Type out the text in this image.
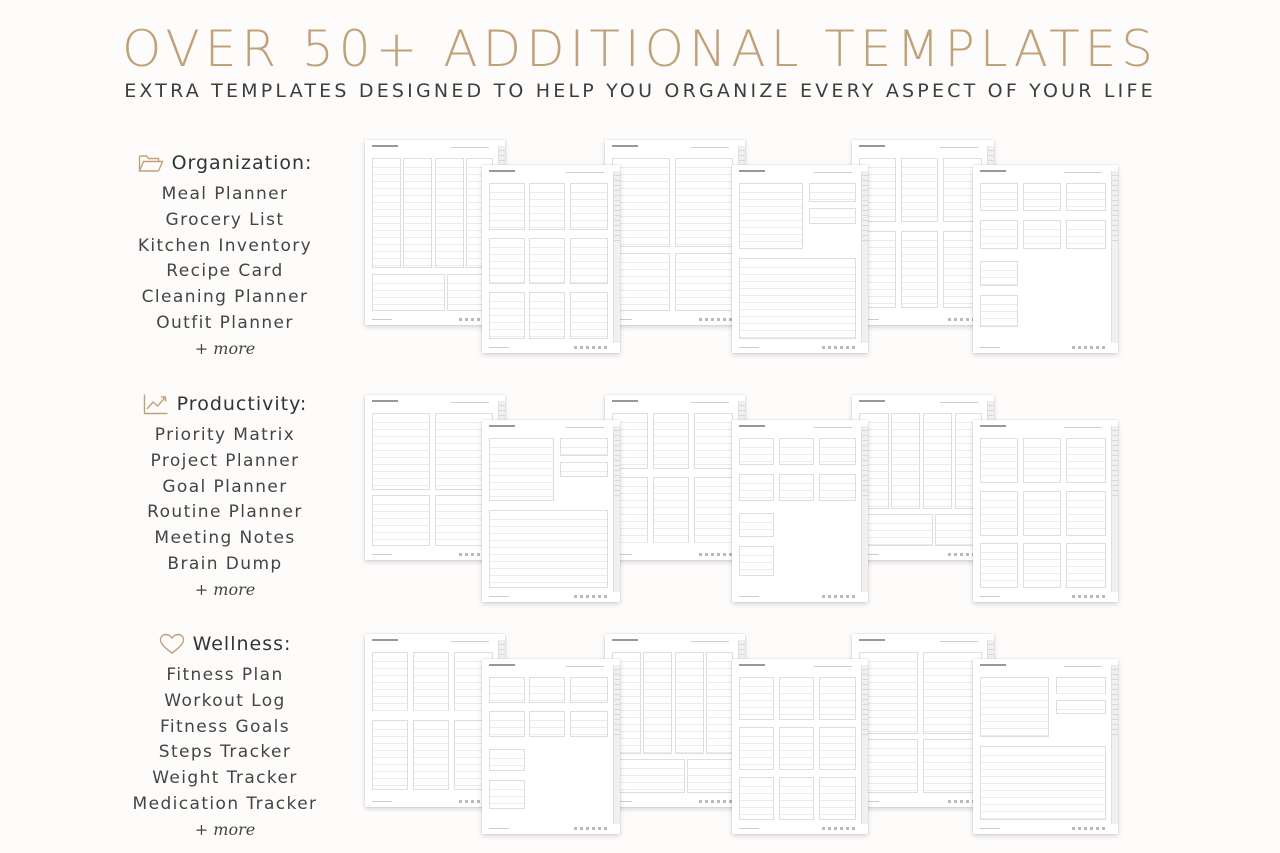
OVER 50+ ADDITIONAL TEMPLATES
EXTRA TEMPLATES DESIGNED TO HELP YOU ORGANIZE EVERY ASPECT OF YOUR LIFE
Organization:
Meal Planner
Grocery List
Kitchen Inventory
Recipe Card
Cleaning Planner
Outfit Planner
+ more
Productivity:
Priority Matrix
Project Planner
Goal Planner
Routine Planner
Meeting Notes
Brain Dump
+ more
Wellness:
Fitness Plan
Workout Log
Fitness Goals
Steps Tracker
Weight Tracker
Medication Tracker
+ more
